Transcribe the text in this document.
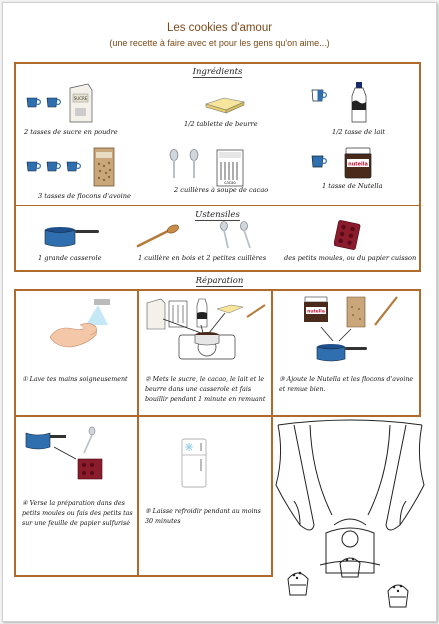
Les cookies d'amour
(une recette à faire avec et pour les gens qu'on aime...)
Ingrédients
SUCRE
2 tasses de sucre en poudre
1/2 tablette de beurre
1/2 tasse de lait
3 tasses de flocons d'avoine
cacao
2 cuillères à soupe de cacao
nutella
1 tasse de Nutella
Ustensiles
1 grande casserole	1 cuillère en bois et 2 petites cuillères	des petits moules, ou du papier cuisson
Réparation
① Lave tes mains soigneusement	② Mets le sucre, le cacao, le lait et le beurre dans une casserole et fais bouillir pendant 1 minute en remuant
nutella
③ Ajoute le Nutella et les flocons d'avoine et remue bien.
④ Verse la préparation dans des petits moules ou fais des petits tas sur une feuille de papier sulfurisé
⑤ Laisse refroidir pendant au moins 30 minutes
